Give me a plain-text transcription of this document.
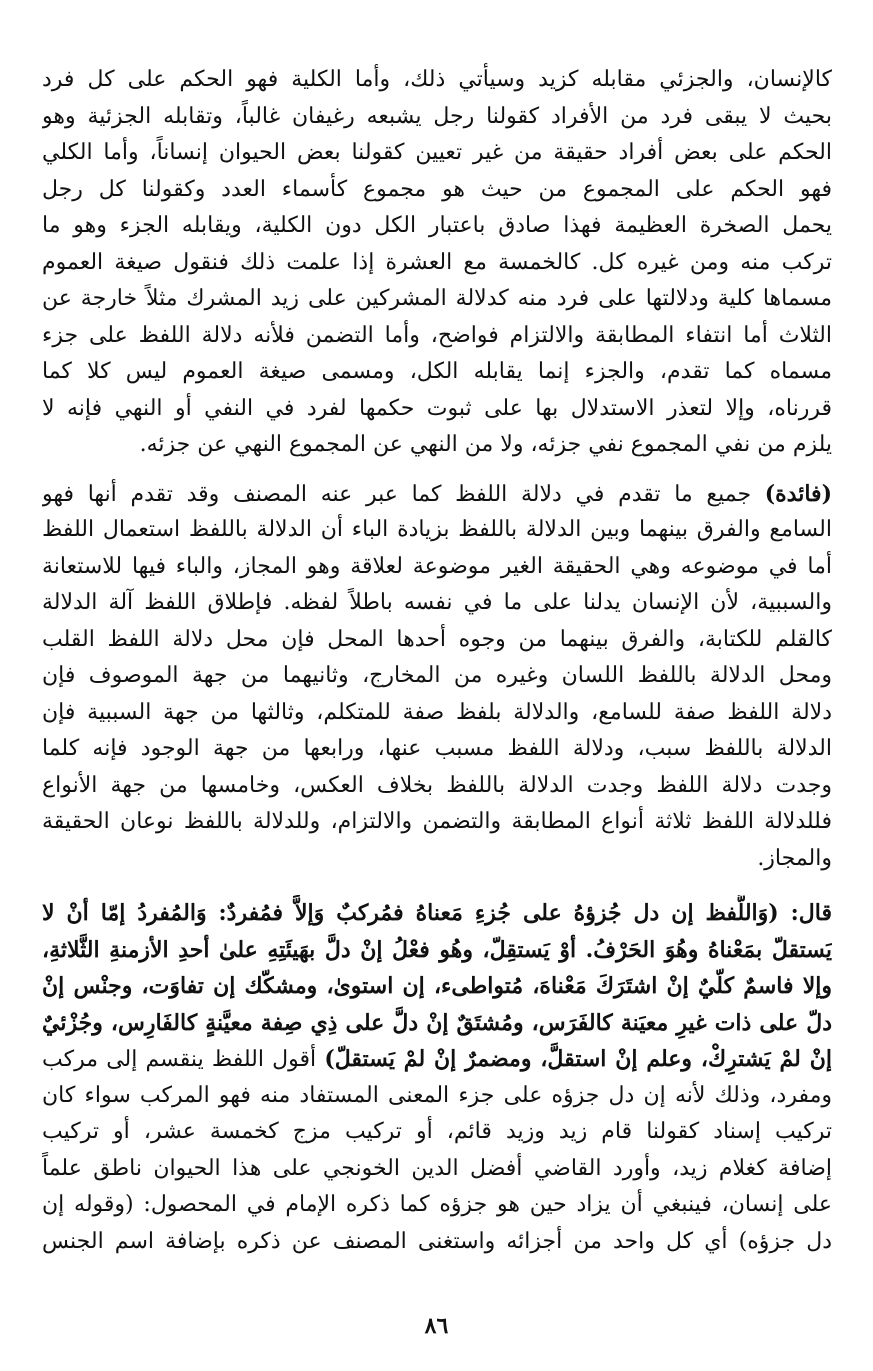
كالإنسان، والجزئي مقابله كزيد وسيأتي ذلك، وأما الكلية فهو الحكم على كل فرد
بحيث لا يبقى فرد من الأفراد كقولنا رجل يشبعه رغيفان غالباً، وتقابله الجزئية وهو
الحكم على بعض أفراد حقيقة من غير تعيين كقولنا بعض الحيوان إنساناً، وأما الكلي
فهو الحكم على المجموع من حيث هو مجموع كأسماء العدد وكقولنا كل رجل
يحمل الصخرة العظيمة فهذا صادق باعتبار الكل دون الكلية، ويقابله الجزء وهو ما
تركب منه ومن غيره كل. كالخمسة مع العشرة إذا علمت ذلك فنقول صيغة العموم
مسماها كلية ودلالتها على فرد منه كدلالة المشركين على زيد المشرك مثلاً خارجة عن
الثلاث أما انتفاء المطابقة والالتزام فواضح، وأما التضمن فلأنه دلالة اللفظ على جزء
مسماه كما تقدم، والجزء إنما يقابله الكل، ومسمى صيغة العموم ليس كلا كما
قررناه، وإلا لتعذر الاستدلال بها على ثبوت حكمها لفرد في النفي أو النهي فإنه لا
يلزم من نفي المجموع نفي جزئه، ولا من النهي عن المجموع النهي عن جزئه.
(فائدة) جميع ما تقدم في دلالة اللفظ كما عبر عنه المصنف وقد تقدم أنها فهو
السامع والفرق بينهما وبين الدلالة باللفظ بزيادة الباء أن الدلالة باللفظ استعمال اللفظ
أما في موضوعه وهي الحقيقة الغير موضوعة لعلاقة وهو المجاز، والباء فيها للاستعانة
والسببية، لأن الإنسان يدلنا على ما في نفسه باطلاً لفظه. فإطلاق اللفظ آلة الدلالة
كالقلم للكتابة، والفرق بينهما من وجوه أحدها المحل فإن محل دلالة اللفظ القلب
ومحل الدلالة باللفظ اللسان وغيره من المخارج، وثانيهما من جهة الموصوف فإن
دلالة اللفظ صفة للسامع، والدلالة بلفظ صفة للمتكلم، وثالثها من جهة السببية فإن
الدلالة باللفظ سبب، ودلالة اللفظ مسبب عنها، ورابعها من جهة الوجود فإنه كلما
وجدت دلالة اللفظ وجدت الدلالة باللفظ بخلاف العكس، وخامسها من جهة الأنواع
فللدلالة اللفظ ثلاثة أنواع المطابقة والتضمن والالتزام، وللدلالة باللفظ نوعان الحقيقة
والمجاز.
قال: (وَاللَّفظ إن دل جُزؤهُ على جُزءِ مَعناهُ فمُركبٌ وَإلاَّ فمُفردٌ: وَالمُفردُ إمّا أنْ لا
يَستقلّ بمَعْناهُ وهُوَ الحَرْفُ. أوْ يَستقِلّ، وهُو فعْلُ إنْ دلَّ بهَيئَتِهِ علىٰ أحدِ الأزمنةِ الثَّلاثةِ،
وإلا فاسمٌ كلّيٌ إنْ اشتَرَكَ مَعْناهَ، مُتواطىء، إن استوىٰ، ومشكّك إن تفاوَت، وجنْس إنْ
دلّ على ذات غيرِ معيَنة كالفَرَس، ومُشتَقٌ إنْ دلَّ على ذِي صِفة معيَّنةٍ كالفَارِس، وجُزْئيٌ
إنْ لمْ يَشترِكْ، وعلم إنْ استقلَّ، ومضمرٌ إنْ لمْ يَستقلّ) أقول اللفظ ينقسم إلى مركب
ومفرد، وذلك لأنه إن دل جزؤه على جزء المعنى المستفاد منه فهو المركب سواء كان
تركيب إسناد كقولنا قام زيد وزيد قائم، أو تركيب مزج كخمسة عشر، أو تركيب
إضافة كغلام زيد، وأورد القاضي أفضل الدين الخونجي على هذا الحيوان ناطق علماً
على إنسان، فينبغي أن يزاد حين هو جزؤه كما ذكره الإمام في المحصول: (وقوله إن
دل جزؤه) أي كل واحد من أجزائه واستغنى المصنف عن ذكره بإضافة اسم الجنس
٨٦
